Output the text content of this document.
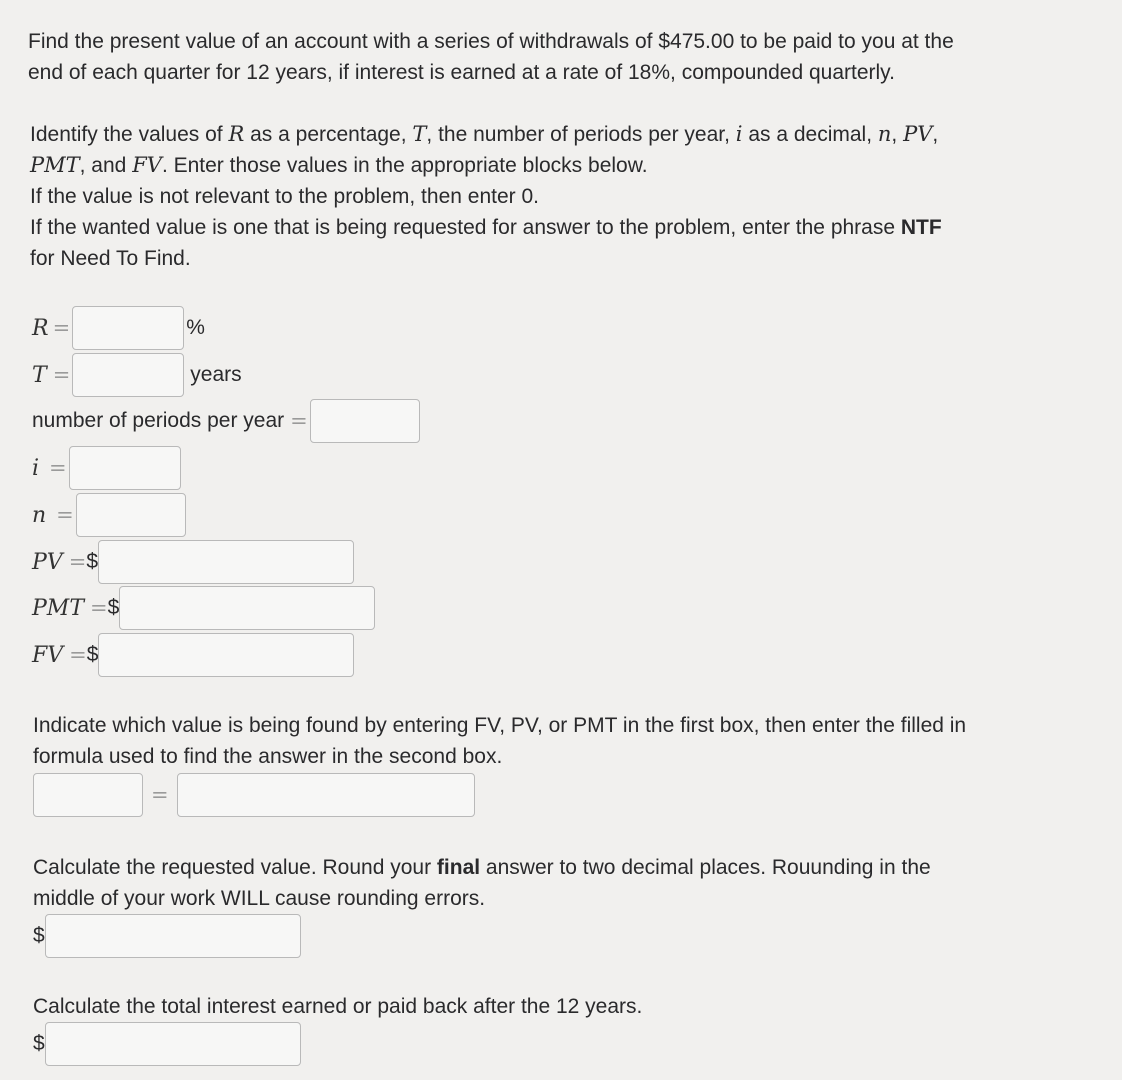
Find the present value of an account with a series of withdrawals of $475.00 to be paid to you at the
end of each quarter for 12 years, if interest is earned at a rate of 18%, compounded quarterly.

Identify the values of R as a percentage, T, the number of periods per year, i as a decimal, n, PV,
PMT, and FV. Enter those values in the appropriate blocks below.
If the value is not relevant to the problem, then enter 0.
If the wanted value is one that is being requested for answer to the problem, enter the phrase NTF
for Need To Find.

R =	%
T =	years
number of periods per year =
i =
n =
PV = $
PMT = $
FV = $

Indicate which value is being found by entering FV, PV, or PMT in the first box, then enter the filled in
formula used to find the answer in the second box.

=

Calculate the requested value. Round your final answer to two decimal places. Rouunding in the
middle of your work WILL cause rounding errors.

$

Calculate the total interest earned or paid back after the 12 years.

$
